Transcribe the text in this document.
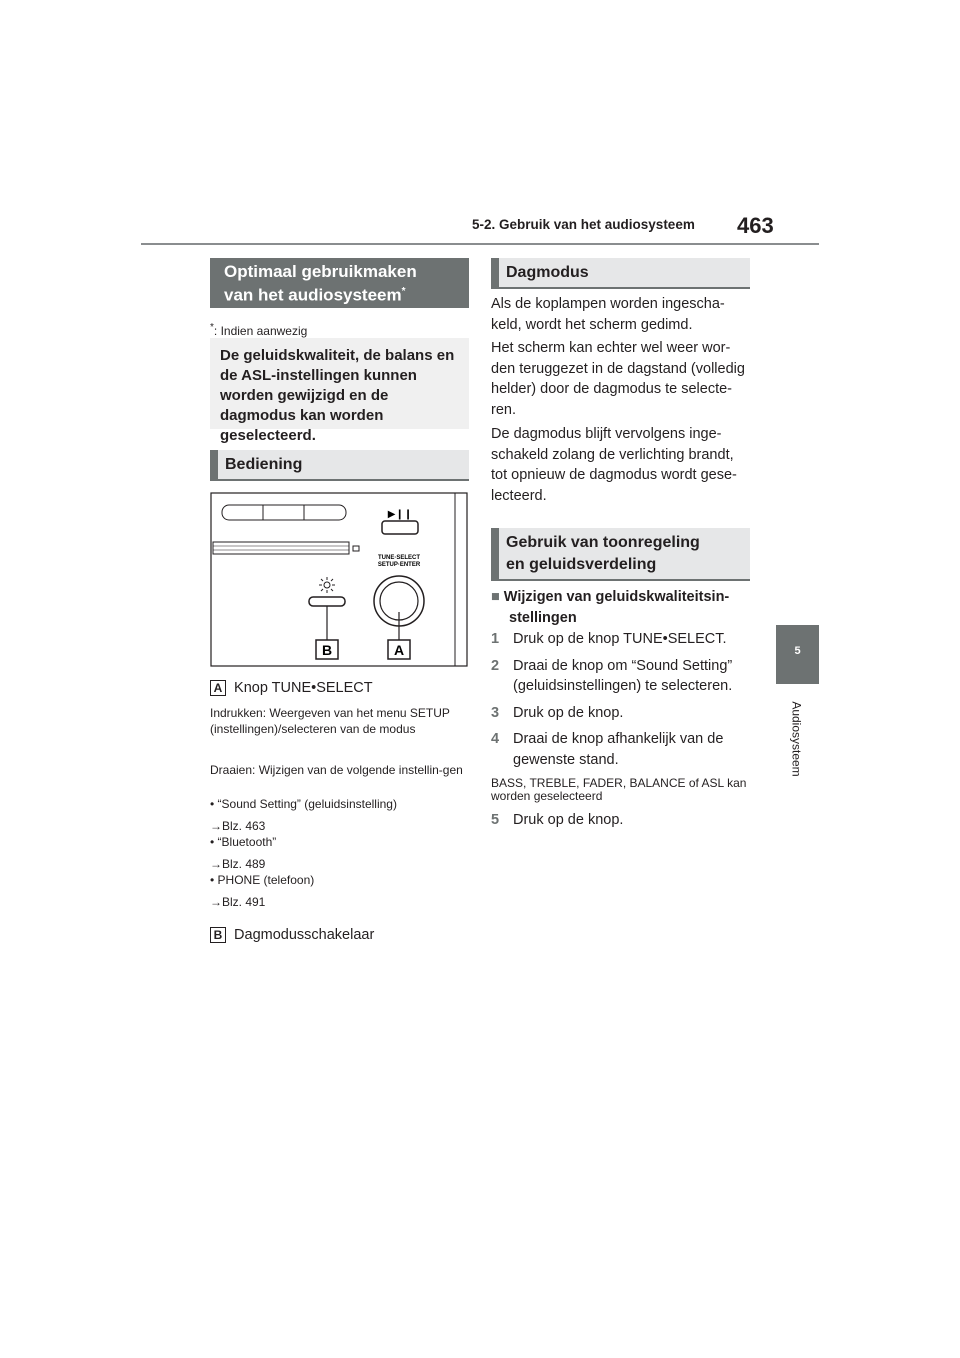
5-2. Gebruik van het audiosysteem 463
5
Audiosysteem
Optimaal gebruikmaken
van het audiosysteem*
*: Indien aanwezig
De geluidskwaliteit, de balans en de ASL-instellingen kunnen worden gewijzigd en de dagmodus kan worden geselecteerd.
Bediening
▶❙❙
TUNE·SELECT
SETUP·ENTER
B	A
A Knop TUNE•SELECT
Indrukken: Weergeven van het menu SETUP (instellingen)/selecteren van de modus
Draaien: Wijzigen van de volgende instellin-gen
• “Sound Setting” (geluidsinstelling)
→Blz. 463
• “Bluetooth”
→Blz. 489
• PHONE (telefoon)
→Blz. 491
B Dagmodusschakelaar
Dagmodus
Als de koplampen worden ingescha-keld, wordt het scherm gedimd.
Het scherm kan echter wel weer wor-den teruggezet in de dagstand (volledig helder) door de dagmodus te selecte-ren.
De dagmodus blijft vervolgens inge-schakeld zolang de verlichting brandt, tot opnieuw de dagmodus wordt gese-lecteerd.
Gebruik van toonregeling
en geluidsverdeling
■ Wijzigen van geluidskwaliteitsin-
stellingen
1 Druk op de knop TUNE•SELECT.
2 Draai de knop om “Sound Setting” (geluidsinstellingen) te selecteren.
3 Druk op de knop.
4 Draai de knop afhankelijk van de gewenste stand.
BASS, TREBLE, FADER, BALANCE of ASL kan worden geselecteerd
5 Druk op de knop.
